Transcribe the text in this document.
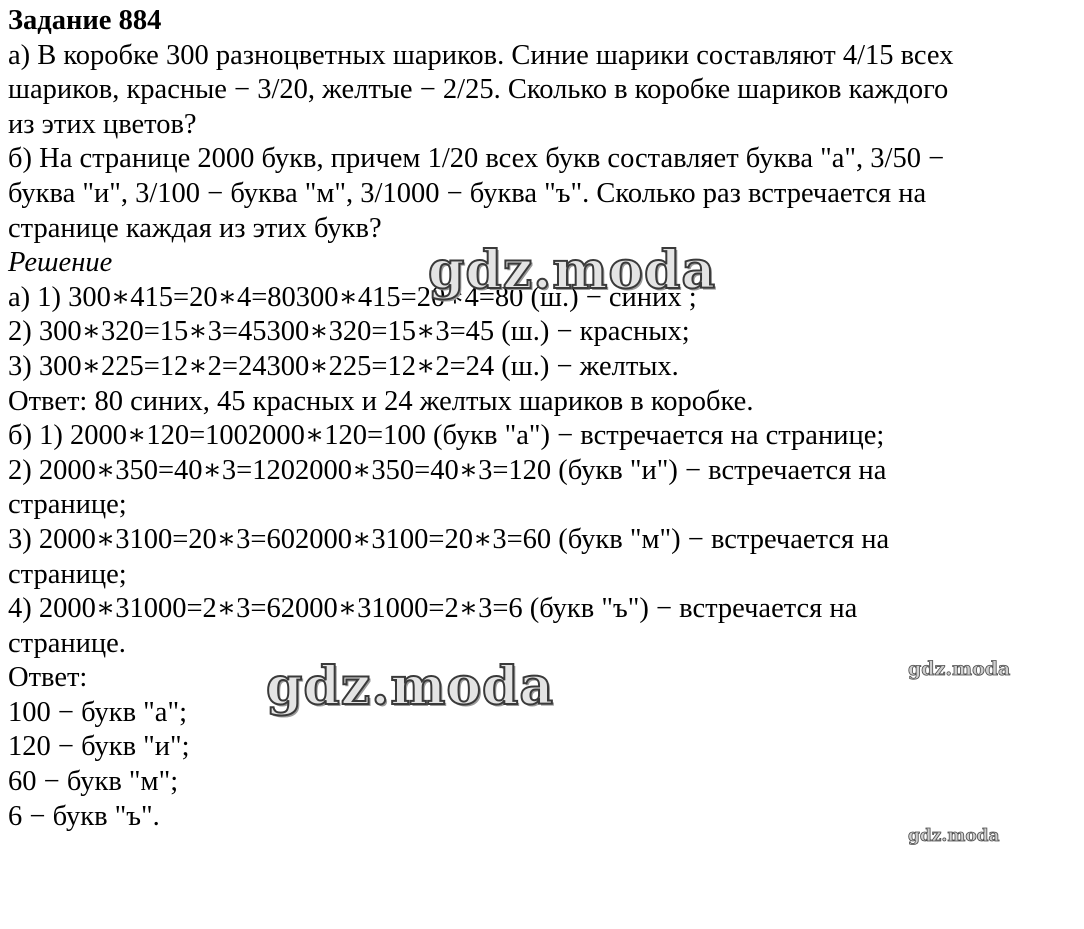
Задание 884
а) В коробке 300 разноцветных шариков. Синие шарики составляют 4/15 всех
шариков, красные − 3/20, желтые − 2/25. Сколько в коробке шариков каждого
из этих цветов?
б) На странице 2000 букв, причем 1/20 всех букв составляет буква "а", 3/50 −
буква "и", 3/100 − буква "м", 3/1000 − буква "ъ". Сколько раз встречается на
странице каждая из этих букв?
Решение
а) 1) 300∗415=20∗4=80300∗415=20∗4=80 (ш.) − синих ;
2) 300∗320=15∗3=45300∗320=15∗3=45 (ш.) − красных;
3) 300∗225=12∗2=24300∗225=12∗2=24 (ш.) − желтых.
Ответ: 80 синих, 45 красных и 24 желтых шариков в коробке.
б) 1) 2000∗120=1002000∗120=100 (букв "а") − встречается на странице;
2) 2000∗350=40∗3=1202000∗350=40∗3=120 (букв "и") − встречается на
странице;
3) 2000∗3100=20∗3=602000∗3100=20∗3=60 (букв "м") − встречается на
странице;
4) 2000∗31000=2∗3=62000∗31000=2∗3=6 (букв "ъ") − встречается на
странице.
Ответ:
100 − букв "а";
120 − букв "и";
60 − букв "м";
6 − букв "ъ".
gdz.moda
gdz.moda	gdz.moda
gdz.moda
